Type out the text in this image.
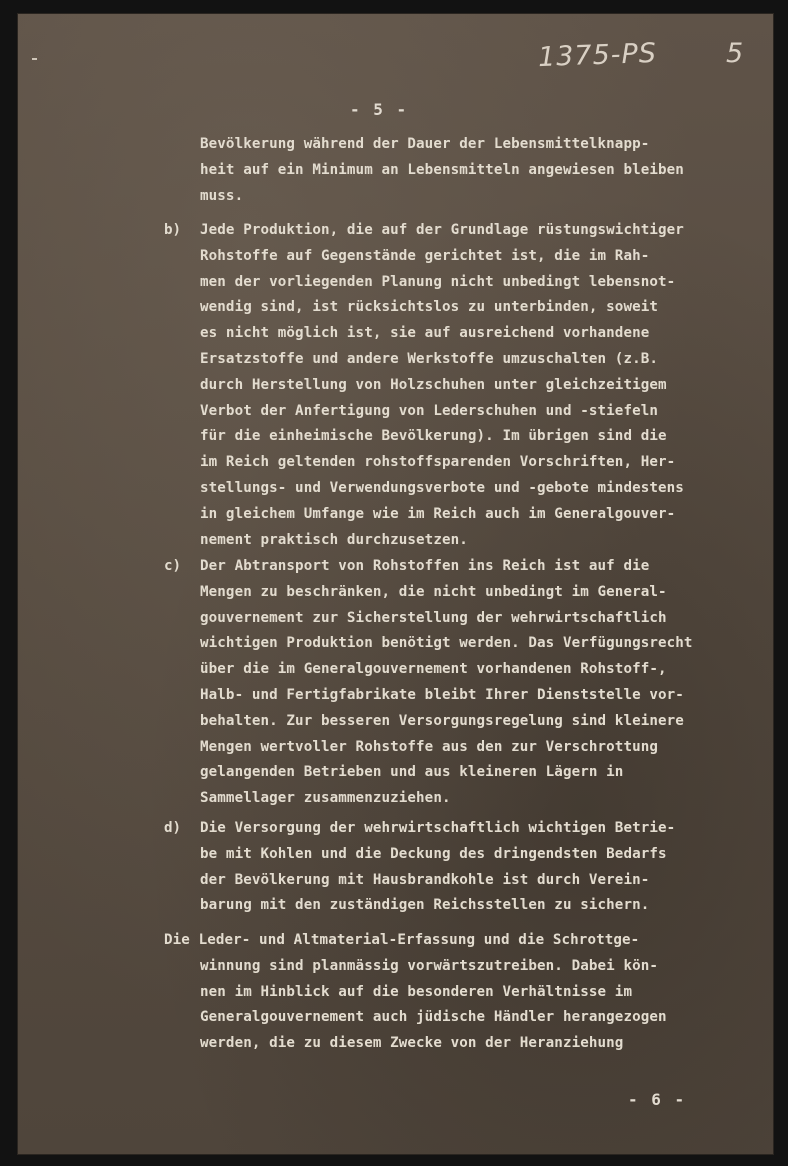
1375-PS	5
- 5 -
Bevölkerung während der Dauer der Lebensmittelknapp-
heit auf ein Minimum an Lebensmitteln angewiesen bleiben
muss.
b) Jede Produktion, die auf der Grundlage rüstungswichtiger
Rohstoffe auf Gegenstände gerichtet ist, die im Rah-
men der vorliegenden Planung nicht unbedingt lebensnot-
wendig sind, ist rücksichtslos zu unterbinden, soweit
es nicht möglich ist, sie auf ausreichend vorhandene
Ersatzstoffe und andere Werkstoffe umzuschalten (z.B.
durch Herstellung von Holzschuhen unter gleichzeitigem
Verbot der Anfertigung von Lederschuhen und -stiefeln
für die einheimische Bevölkerung). Im übrigen sind die
im Reich geltenden rohstoffsparenden Vorschriften, Her-
stellungs- und Verwendungsverbote und -gebote mindestens
in gleichem Umfange wie im Reich auch im Generalgouver-
nement praktisch durchzusetzen.
c) Der Abtransport von Rohstoffen ins Reich ist auf die
Mengen zu beschränken, die nicht unbedingt im General-
gouvernement zur Sicherstellung der wehrwirtschaftlich
wichtigen Produktion benötigt werden. Das Verfügungsrecht
über die im Generalgouvernement vorhandenen Rohstoff-,
Halb- und Fertigfabrikate bleibt Ihrer Dienststelle vor-
behalten. Zur besseren Versorgungsregelung sind kleinere
Mengen wertvoller Rohstoffe aus den zur Verschrottung
gelangenden Betrieben und aus kleineren Lägern in
Sammellager zusammenzuziehen.
d) Die Versorgung der wehrwirtschaftlich wichtigen Betrie-
be mit Kohlen und die Deckung des dringendsten Bedarfs
der Bevölkerung mit Hausbrandkohle ist durch Verein-
barung mit den zuständigen Reichsstellen zu sichern.
Die Leder- und Altmaterial-Erfassung und die Schrottge-
winnung sind planmässig vorwärtszutreiben. Dabei kön-
nen im Hinblick auf die besonderen Verhältnisse im
Generalgouvernement auch jüdische Händler herangezogen
werden, die zu diesem Zwecke von der Heranziehung
- 6 -
